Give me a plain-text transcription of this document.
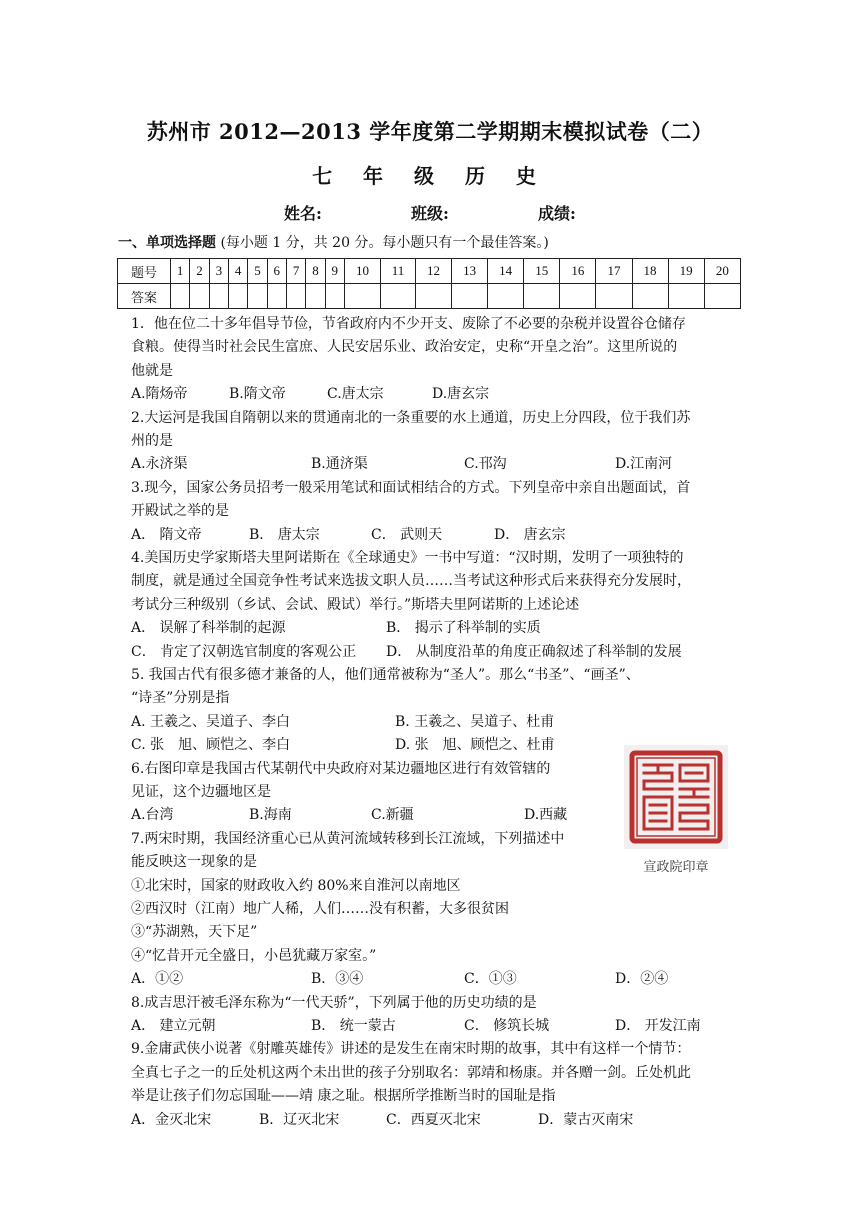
苏州市 2012—2013 学年度第二学期期末模拟试卷（二）
七 年 级 历 史
姓名:	班级:	成绩:
一、单项选择题 (每小题 1 分，共 20 分。每小题只有一个最佳答案。)
题号	1	2	3	4	5	6	7	8	9	10	11	12	13	14	15	16	17	18	19	20
答案																				

1．他在位二十多年倡导节俭，节省政府内不少开支、废除了不必要的杂税并设置谷仓储存

食粮。使得当时社会民生富庶、人民安居乐业、政治安定，史称“开皇之治”。这里所说的

他就是

A.隋炀帝	B.隋文帝	C.唐太宗	D.唐玄宗

2.大运河是我国自隋朝以来的贯通南北的一条重要的水上通道，历史上分四段，位于我们苏

州的是

A.永济渠	B.通济渠	C.邗沟	D.江南河

3.现今，国家公务员招考一般采用笔试和面试相结合的方式。下列皇帝中亲自出题面试，首

开殿试之举的是

A． 隋文帝	B． 唐太宗	C． 武则天	D． 唐玄宗

4.美国历史学家斯塔夫里阿诺斯在《全球通史》一书中写道：“汉时期，发明了一项独特的

制度，就是通过全国竞争性考试来选拔文职人员……当考试这种形式后来获得充分发展时，

考试分三种级别（乡试、会试、殿试）举行。”斯塔夫里阿诺斯的上述论述

A． 误解了科举制的起源	B． 揭示了科举制的实质
C． 肯定了汉朝选官制度的客观公正 D． 从制度沿革的角度正确叙述了科举制的发展

5. 我国古代有很多德才兼备的人，他们通常被称为“圣人”。那么“书圣”、“画圣”、

“诗圣”分别是指

A. 王羲之、吴道子、李白	B. 王羲之、吴道子、杜甫
C. 张　旭、顾恺之、李白	D. 张　旭、顾恺之、杜甫

6.右图印章是我国古代某朝代中央政府对某边疆地区进行有效管辖的

见证，这个边疆地区是

A.台湾	B.海南	C.新疆	D.西藏

7.两宋时期，我国经济重心已从黄河流域转移到长江流域，下列描述中

能反映这一现象的是

①北宋时，国家的财政收入约 80%来自淮河以南地区

②西汉时（江南）地广人稀，人们……没有积蓄，大多很贫困

③“苏湖熟，天下足”

④“忆昔开元全盛日，小邑犹藏万家室。”

A．①②	B．③④	C．①③	D．②④

8.成吉思汗被毛泽东称为“一代天骄”，下列属于他的历史功绩的是

A． 建立元朝	B． 统一蒙古	C． 修筑长城	D． 开发江南

9.金庸武侠小说著《射雕英雄传》讲述的是发生在南宋时期的故事，其中有这样一个情节：

全真七子之一的丘处机这两个未出世的孩子分别取名：郭靖和杨康。并各赠一剑。丘处机此

举是让孩子们勿忘国耻——靖 康之耻。根据所学推断当时的国耻是指

A．金灭北宋	B．辽灭北宋	C．西夏灭北宋	D．蒙古灭南宋
宣政院印章
